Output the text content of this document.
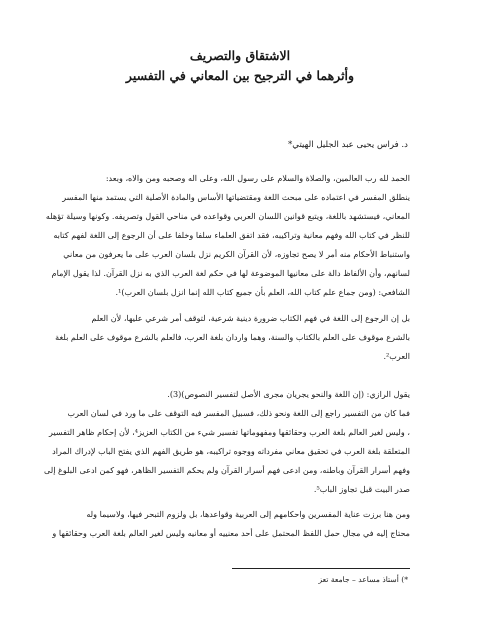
الاشتقاق والتصريف
وأثرهما في الترجيح بين المعاني في التفسير
د. فراس يحيى عبد الجليل الهيتي*
الحمد لله رب العالمين، والصلاة والسلام على رسول الله، وعلى اله وصحبه ومن والاه، وبعد:
ينطلق المفسر في اعتماده على مبحث اللغة ومقتضياتها الأساس والمادة الأصلية التي يستمد منها المفسر
المعاني، فيستشهد باللغة، ويتبع قوانين اللسان العربي وقواعده في مناحي القول وتصريفه. وكونها وسيلة تؤهله
للنظر في كتاب الله وفهم معانية وتراكيبه، فقد اتفق العلماء سلفا وخلفا على أن الرجوع إلى اللغة لفهم كتابه
واستنباط الأحكام منه أمر لا يصح تجاوزه، لأن القرآن الكريم نزل بلسان العرب على ما يعرفون من معاني
لسانهم، وأن الألفاظ دالة على معانيها الموضوعة لها في حكم لغة العرب الذي به نزل القرآن. لذا يقول الإمام
الشافعي: (ومن جماع علم كتاب الله، العلم بأن جميع كتاب الله إنما انزل بلسان العرب)¹.
بل إن الرجوع إلى اللغة في فهم الكتاب ضرورة دينية شرعية، لتوقف أمر شرعي عليها، لأن العلم
بالشرع موقوف على العلم بالكتاب والسنة، وهما واردان بلغة العرب، فالعلم بالشرع موقوف على العلم بلغة
العرب².
يقول الرازي: (إن اللغة والنحو يجريان مجرى الأصل لتفسير النصوص)(3).
فما كان من التفسير راجع إلى اللغة ونحو ذلك، فسبيل المفسر فيه التوقف على ما ورد في لسان العرب
، وليس لغير العالم بلغة العرب وحقائقها ومفهوماتها تفسير شيء من الكتاب العزيز⁴، لأن إحكام ظاهر التفسير
المتعلقة بلغة العرب في تحقيق معاني مفرداته ووجوه تراكيبه، هو طريق الفهم الذي يفتح الباب لإدراك المراد
وفهم أسرار القرآن وباطنه، ومن ادعى فهم أسرار القرآن ولم يحكم التفسير الظاهر، فهو كمن ادعى البلوغ إلى
صدر البيت قبل تجاوز الباب⁵.
ومن هنا برزت عناية المفسرين واحكامهم إلى العربية وقواعدها، بل ولزوم التبحر فيها، ولاسيما وله
محتاج إليه في مجال حمل اللفظ المحتمل على أحد معنييه أو معانيه وليس لغير العالم بلغة العرب وحقائقها و
*) أستاذ مساعد – جامعة تعز
